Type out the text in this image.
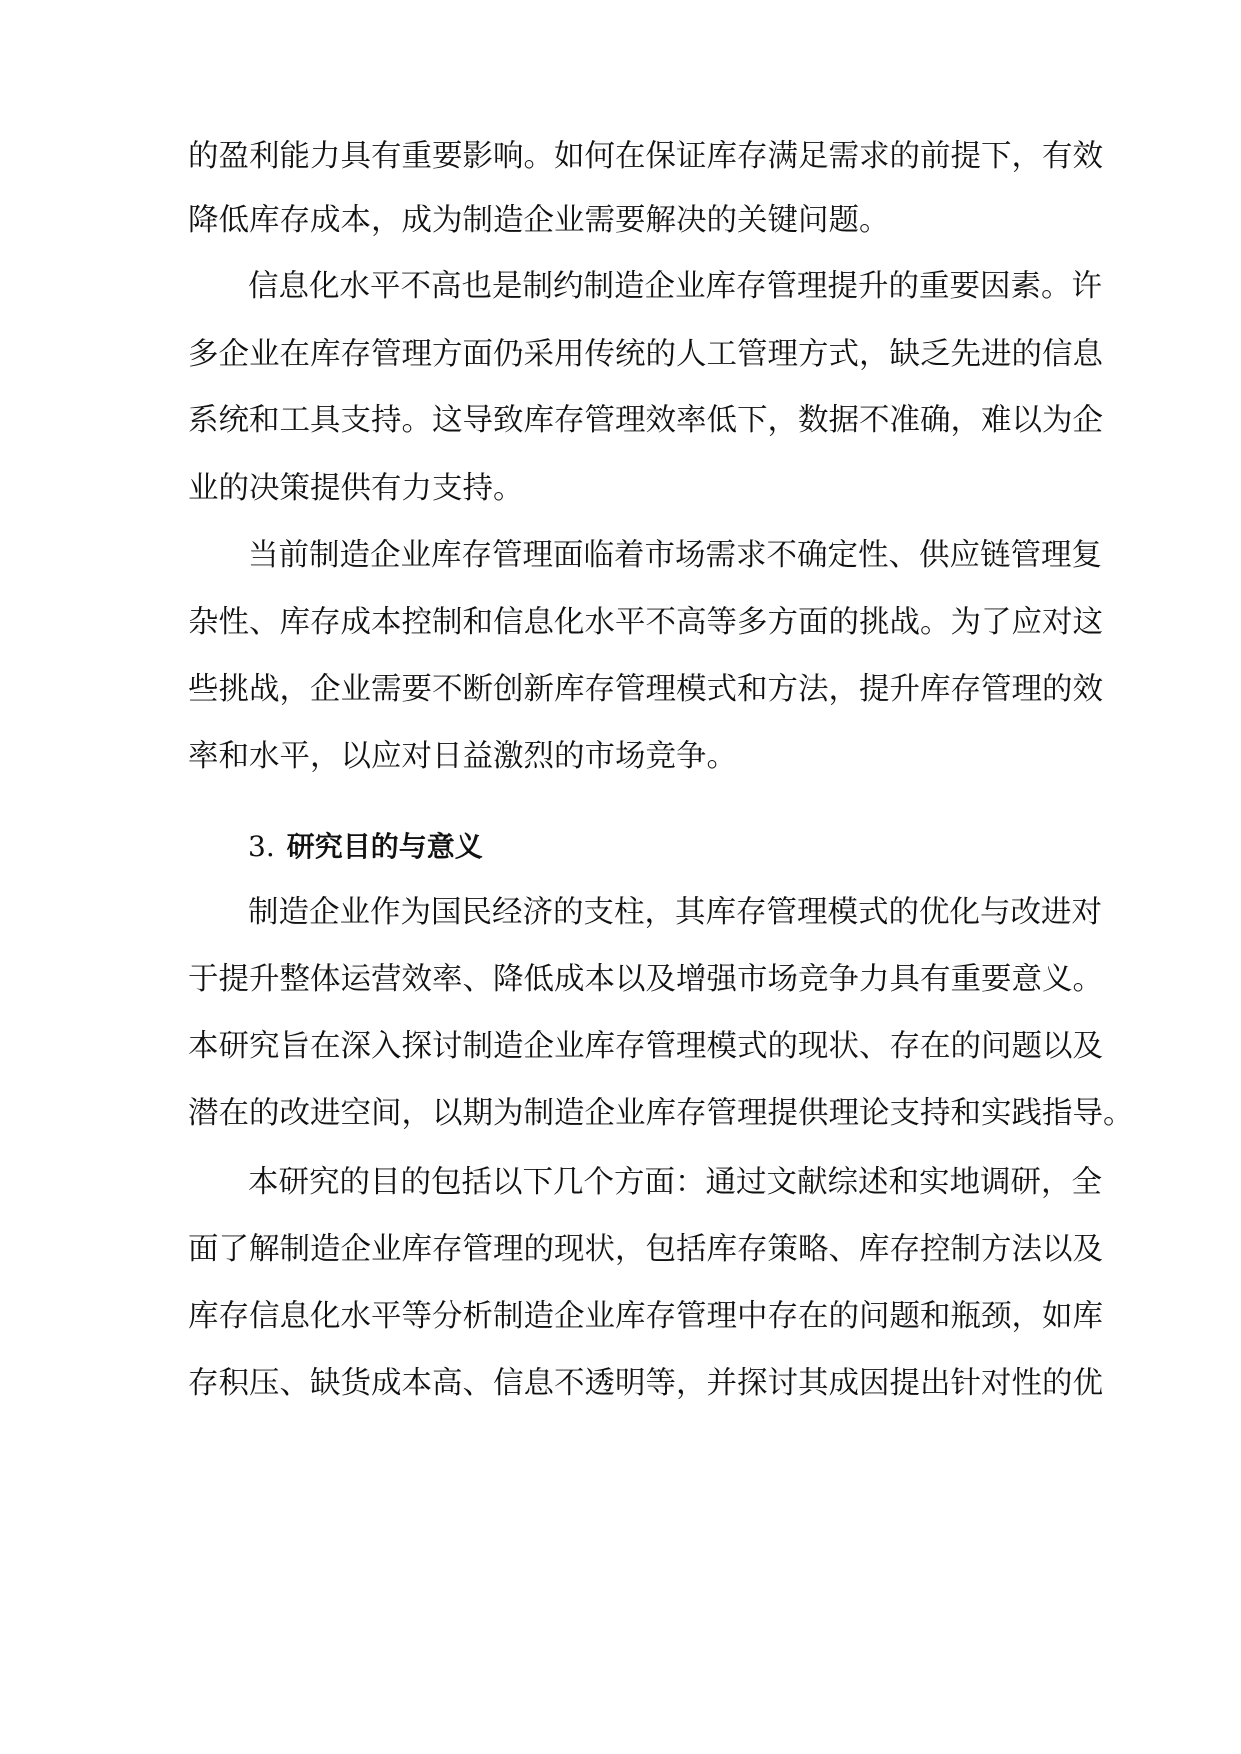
的盈利能力具有重要影响。如何在保证库存满足需求的前提下，有效
降低库存成本，成为制造企业需要解决的关键问题。
信息化水平不高也是制约制造企业库存管理提升的重要因素。许
多企业在库存管理方面仍采用传统的人工管理方式，缺乏先进的信息
系统和工具支持。这导致库存管理效率低下，数据不准确，难以为企
业的决策提供有力支持。
当前制造企业库存管理面临着市场需求不确定性、供应链管理复
杂性、库存成本控制和信息化水平不高等多方面的挑战。为了应对这
些挑战，企业需要不断创新库存管理模式和方法，提升库存管理的效
率和水平，以应对日益激烈的市场竞争。
3. 研究目的与意义
制造企业作为国民经济的支柱，其库存管理模式的优化与改进对
于提升整体运营效率、降低成本以及增强市场竞争力具有重要意义。
本研究旨在深入探讨制造企业库存管理模式的现状、存在的问题以及
潜在的改进空间，以期为制造企业库存管理提供理论支持和实践指导。
本研究的目的包括以下几个方面：通过文献综述和实地调研，全
面了解制造企业库存管理的现状，包括库存策略、库存控制方法以及
库存信息化水平等分析制造企业库存管理中存在的问题和瓶颈，如库
存积压、缺货成本高、信息不透明等，并探讨其成因提出针对性的优
